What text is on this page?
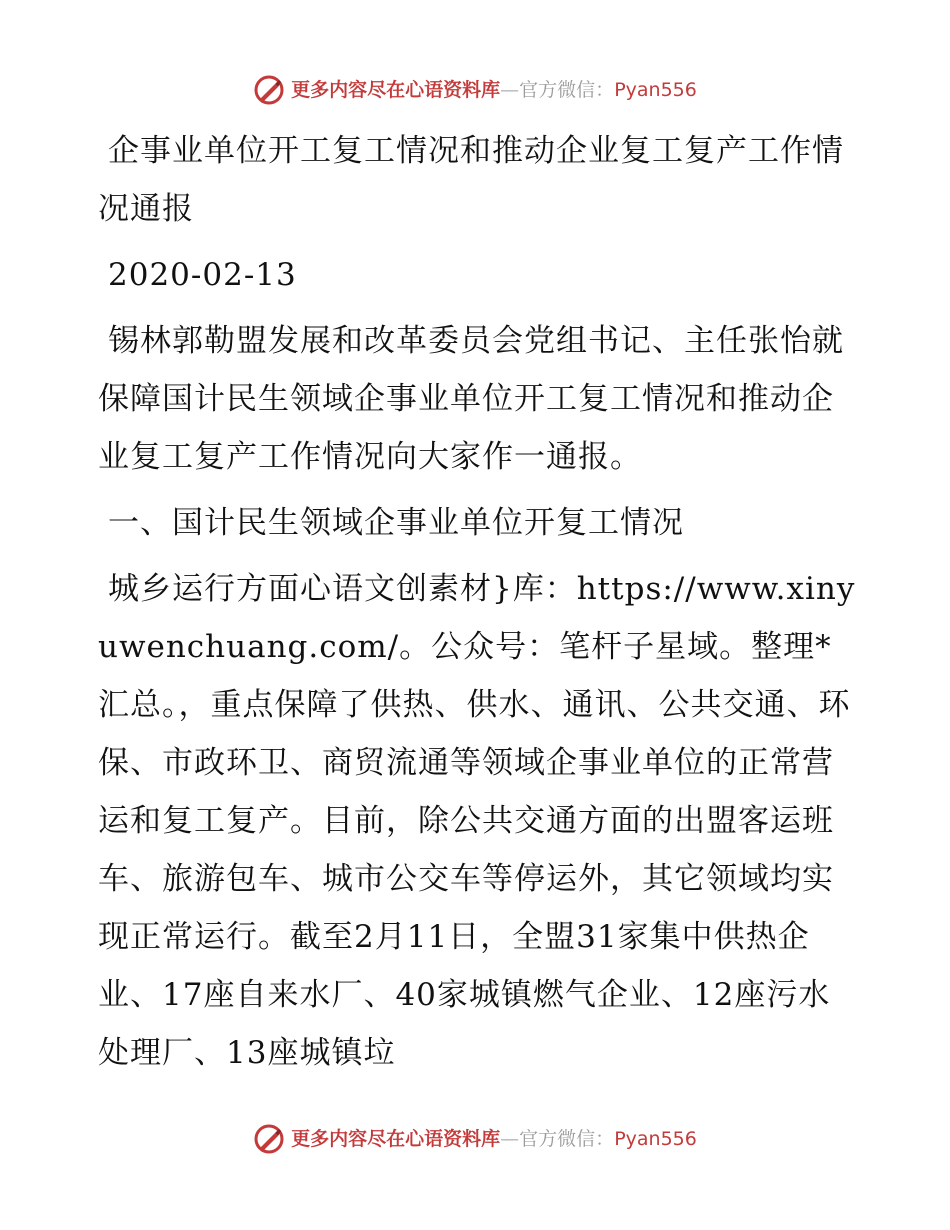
更多内容尽在心语资料库 — 官方微信： Pyan556

企事业单位开工复工情况和推动企业复工复产工作情况通报

2020-02-13

锡林郭勒盟发展和改革委员会党组书记、主任张怡就保障国计民生领域企事业单位开工复工情况和推动企业复工复产工作情况向大家作一通报。

一、国计民生领域企事业单位开复工情况

城乡运行方面心语文创素材}库：https://www.xinyuwenchuang.com/。公众号：笔杆子星域。整理*汇总。，重点保障了供热、供水、通讯、公共交通、环保、市政环卫、商贸流通等领域企事业单位的正常营运和复工复产。目前，除公共交通方面的出盟客运班车、旅游包车、城市公交车等停运外，其它领域均实现正常运行。截至2月11日，全盟31家集中供热企业、17座自来水厂、40家城镇燃气企业、12座污水处理厂、13座城镇垃

更多内容尽在心语资料库 — 官方微信： Pyan556
